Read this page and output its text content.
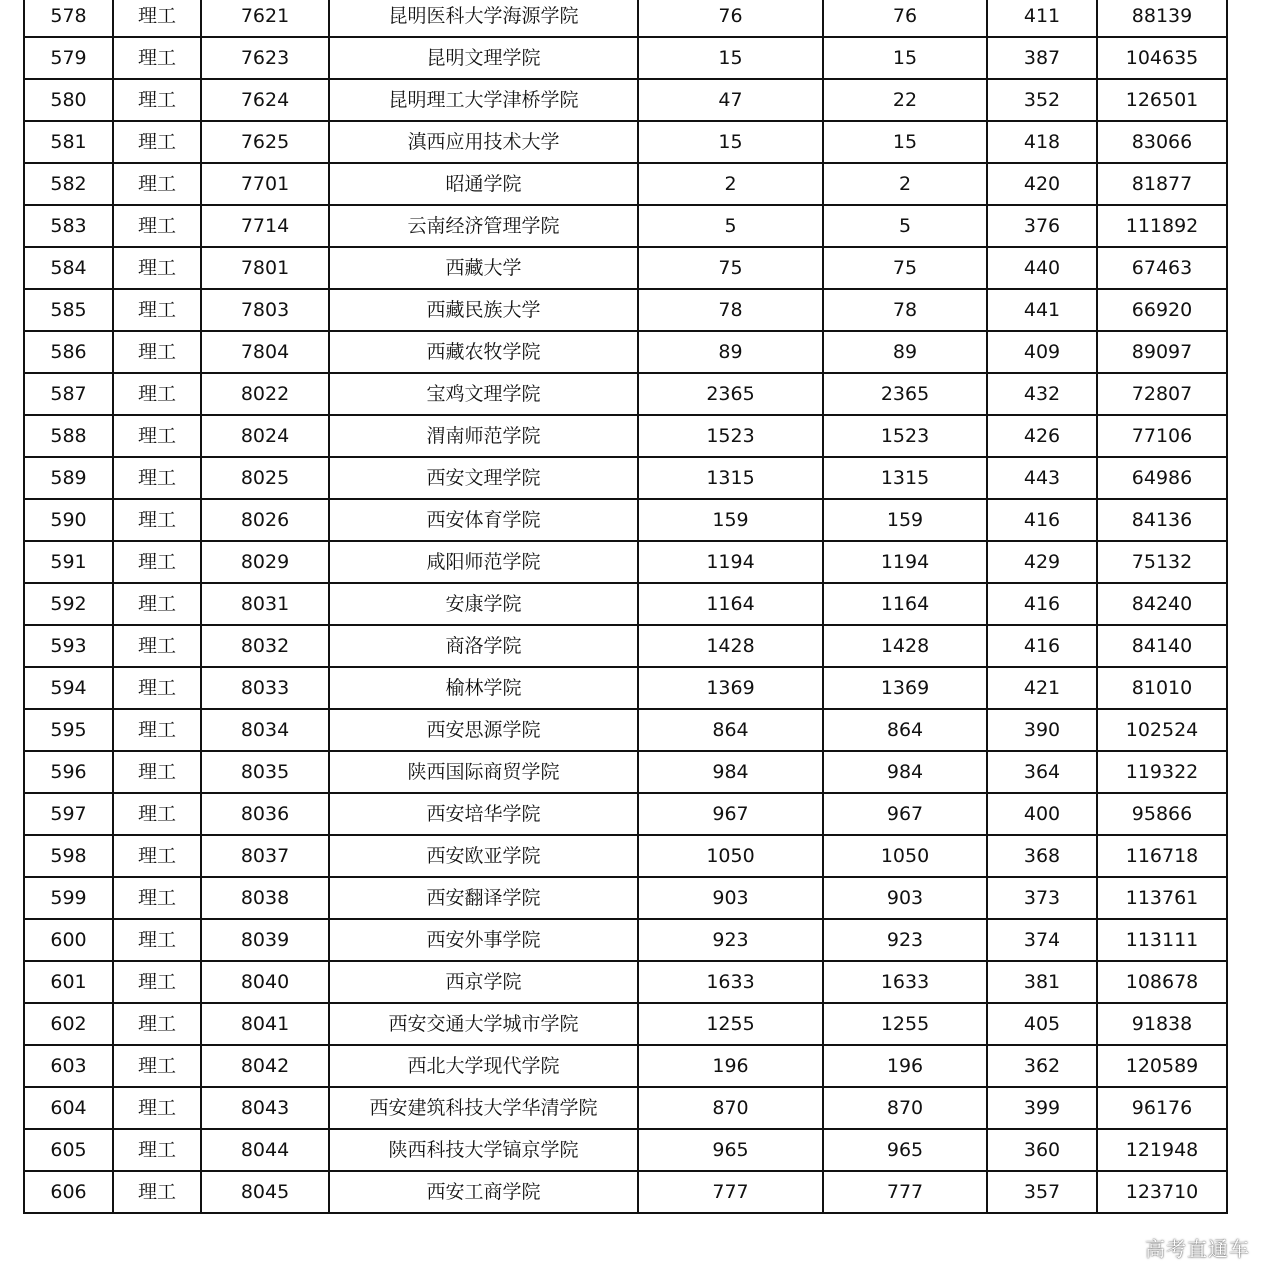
578	理工	7621	昆明医科大学海源学院	76	76	411	88139
579	理工	7623	昆明文理学院	15	15	387	104635
580	理工	7624	昆明理工大学津桥学院	47	22	352	126501
581	理工	7625	滇西应用技术大学	15	15	418	83066
582	理工	7701	昭通学院	2	2	420	81877
583	理工	7714	云南经济管理学院	5	5	376	111892
584	理工	7801	西藏大学	75	75	440	67463
585	理工	7803	西藏民族大学	78	78	441	66920
586	理工	7804	西藏农牧学院	89	89	409	89097
587	理工	8022	宝鸡文理学院	2365	2365	432	72807
588	理工	8024	渭南师范学院	1523	1523	426	77106
589	理工	8025	西安文理学院	1315	1315	443	64986
590	理工	8026	西安体育学院	159	159	416	84136
591	理工	8029	咸阳师范学院	1194	1194	429	75132
592	理工	8031	安康学院	1164	1164	416	84240
593	理工	8032	商洛学院	1428	1428	416	84140
594	理工	8033	榆林学院	1369	1369	421	81010
595	理工	8034	西安思源学院	864	864	390	102524
596	理工	8035	陕西国际商贸学院	984	984	364	119322
597	理工	8036	西安培华学院	967	967	400	95866
598	理工	8037	西安欧亚学院	1050	1050	368	116718
599	理工	8038	西安翻译学院	903	903	373	113761
600	理工	8039	西安外事学院	923	923	374	113111
601	理工	8040	西京学院	1633	1633	381	108678
602	理工	8041	西安交通大学城市学院	1255	1255	405	91838
603	理工	8042	西北大学现代学院	196	196	362	120589
604	理工	8043	西安建筑科技大学华清学院	870	870	399	96176
605	理工	8044	陕西科技大学镐京学院	965	965	360	121948
606	理工	8045	西安工商学院	777	777	357	123710
高考直通车
